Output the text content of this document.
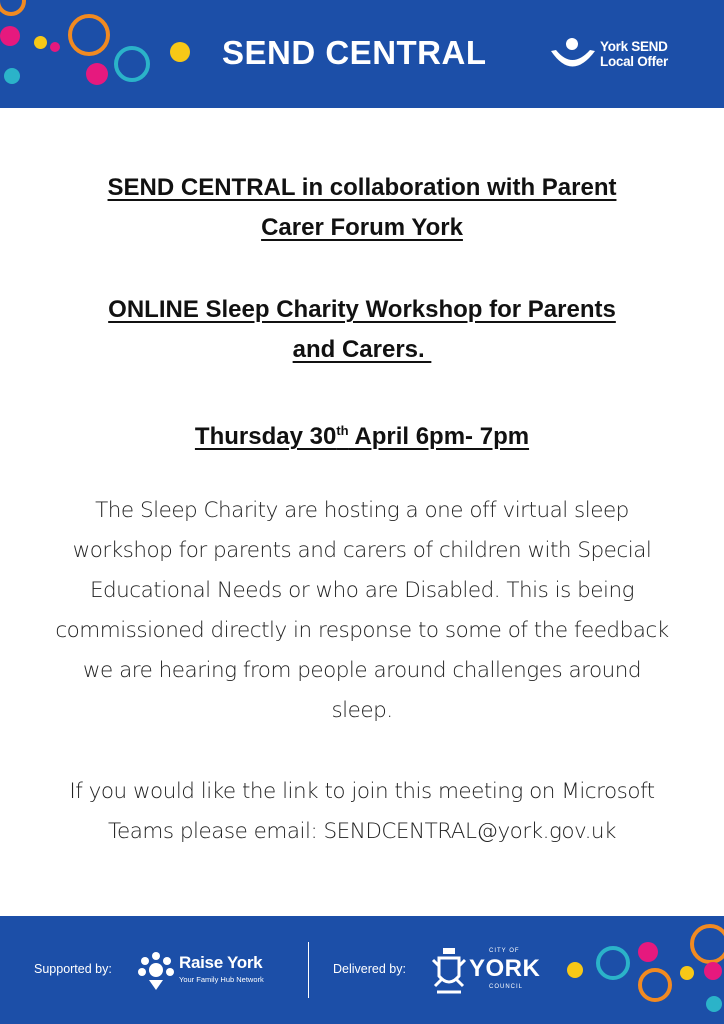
SEND CENTRAL	York SEND
Local Offer
SEND CENTRAL in collaboration with Parent
Carer Forum York
ONLINE Sleep Charity Workshop for Parents
and Carers.
Thursday 30th April 6pm- 7pm
The Sleep Charity are hosting a one off virtual sleep
workshop for parents and carers of children with Special
Educational Needs or who are Disabled. This is being
commissioned directly in response to some of the feedback
we are hearing from people around challenges around
sleep.
If you would like the link to join this meeting on Microsoft
Teams please email: SENDCENTRAL@york.gov.uk
Supported by:	Raise York
Your Family Hub Network
Delivered by:
CITY OF
YORK
COUNCIL
